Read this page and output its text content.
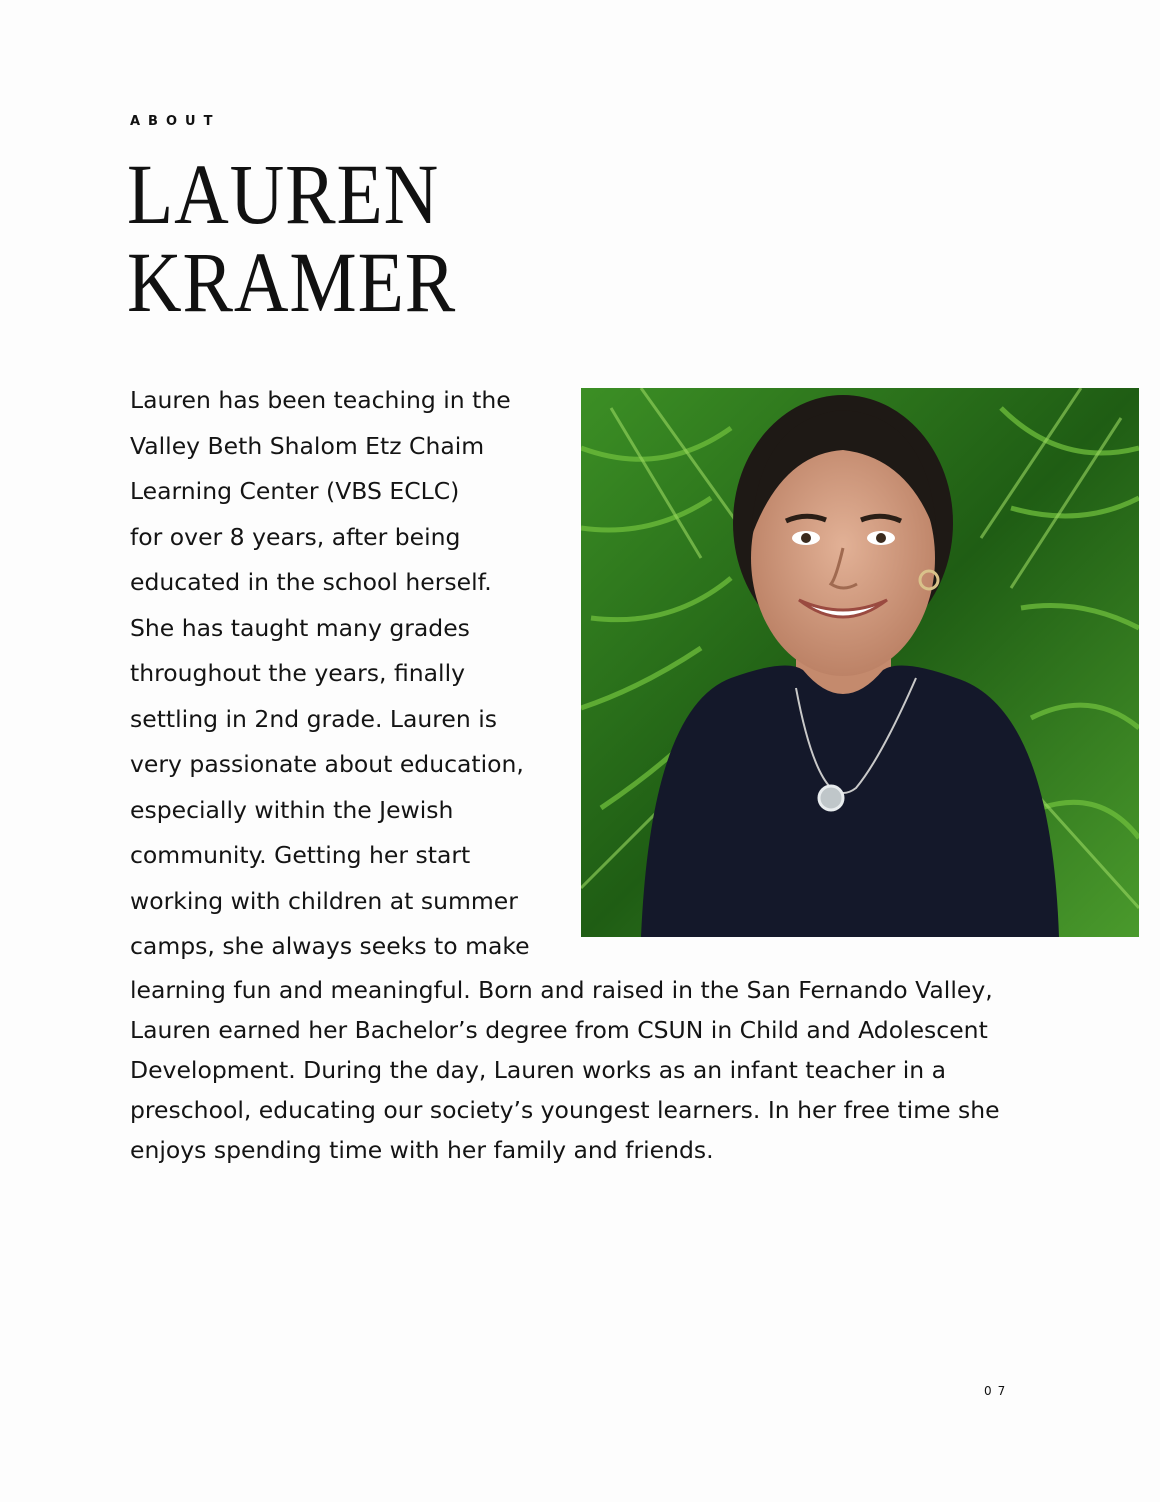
ABOUT
LAUREN
KRAMER

Lauren has been teaching in the
Valley Beth Shalom Etz Chaim
Learning Center (VBS ECLC)
for over 8 years, after being
educated in the school herself.
She has taught many grades
throughout the years, finally
settling in 2nd grade. Lauren is
very passionate about education,
especially within the Jewish
community. Getting her start
working with children at summer
camps, she always seeks to make
learning fun and meaningful. Born and raised in the San Fernando Valley,
Lauren earned her Bachelor’s degree from CSUN in Child and Adolescent
Development. During the day, Lauren works as an infant teacher in a
preschool, educating our society’s youngest learners. In her free time she
enjoys spending time with her family and friends.

07
